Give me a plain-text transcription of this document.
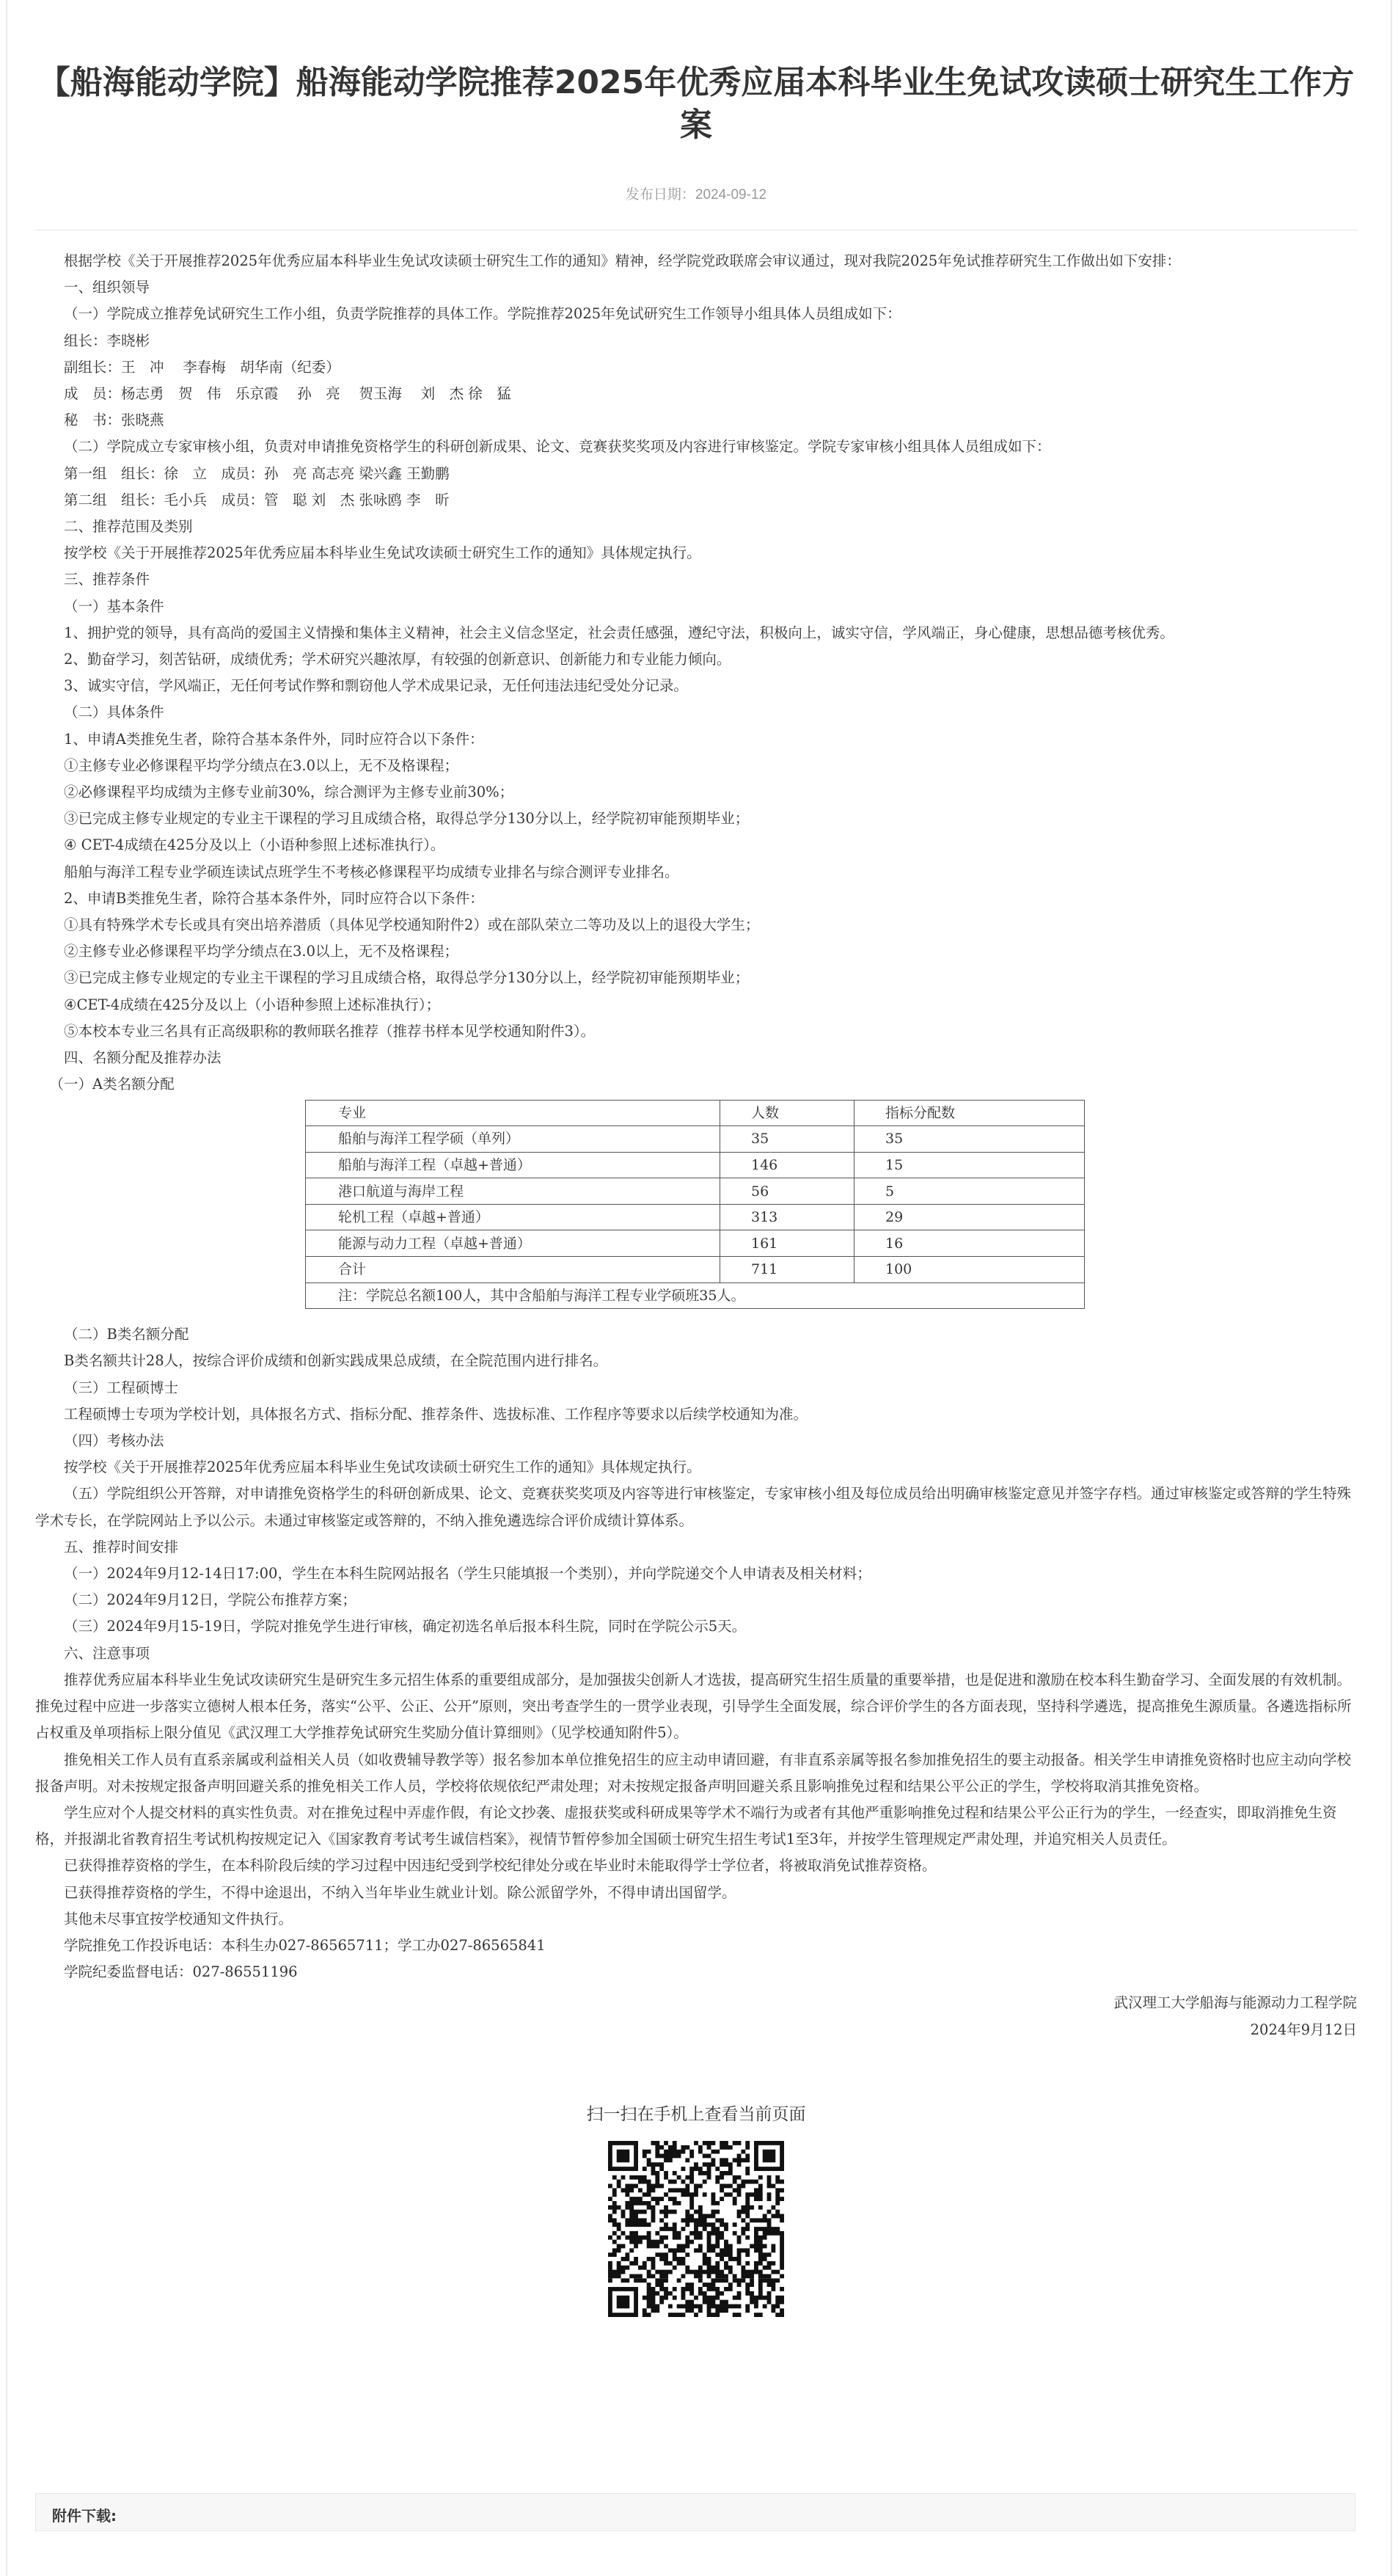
【船海能动学院】船海能动学院推荐2025年优秀应届本科毕业生免试攻读硕士研究生工作方案
发布日期：2024-09-12

根据学校《关于开展推荐2025年优秀应届本科毕业生免试攻读硕士研究生工作的通知》精神，经学院党政联席会审议通过，现对我院2025年免试推荐研究生工作做出如下安排：

一、组织领导

（一）学院成立推荐免试研究生工作小组，负责学院推荐的具体工作。学院推荐2025年免试研究生工作领导小组具体人员组成如下：

组长：李晓彬

副组长：王　冲　 李春梅　胡华南（纪委）

成　员：杨志勇　贺　伟　乐京霞　 孙　亮　 贺玉海　 刘　杰 徐　猛

秘　书：张晓燕

（二）学院成立专家审核小组，负责对申请推免资格学生的科研创新成果、论文、竞赛获奖奖项及内容进行审核鉴定。学院专家审核小组具体人员组成如下：

第一组　组长：徐　立　成员：孙　亮 高志亮 梁兴鑫 王勤鹏

第二组　组长：毛小兵　成员：管　聪 刘　杰 张咏鸥 李　昕

二、推荐范围及类别

按学校《关于开展推荐2025年优秀应届本科毕业生免试攻读硕士研究生工作的通知》具体规定执行。

三、推荐条件

（一）基本条件

1、拥护党的领导，具有高尚的爱国主义情操和集体主义精神，社会主义信念坚定，社会责任感强，遵纪守法，积极向上，诚实守信，学风端正，身心健康，思想品德考核优秀。

2、勤奋学习，刻苦钻研，成绩优秀；学术研究兴趣浓厚，有较强的创新意识、创新能力和专业能力倾向。

3、诚实守信，学风端正，无任何考试作弊和剽窃他人学术成果记录，无任何违法违纪受处分记录。

（二）具体条件

1、申请A类推免生者，除符合基本条件外，同时应符合以下条件：

①主修专业必修课程平均学分绩点在3.0以上，无不及格课程；

②必修课程平均成绩为主修专业前30%，综合测评为主修专业前30%；

③已完成主修专业规定的专业主干课程的学习且成绩合格，取得总学分130分以上，经学院初审能预期毕业；

④ CET-4成绩在425分及以上（小语种参照上述标准执行）。

船舶与海洋工程专业学硕连读试点班学生不考核必修课程平均成绩专业排名与综合测评专业排名。

2、申请B类推免生者，除符合基本条件外，同时应符合以下条件：

①具有特殊学术专长或具有突出培养潜质（具体见学校通知附件2）或在部队荣立二等功及以上的退役大学生；

②主修专业必修课程平均学分绩点在3.0以上，无不及格课程；

③已完成主修专业规定的专业主干课程的学习且成绩合格，取得总学分130分以上，经学院初审能预期毕业；

④CET-4成绩在425分及以上（小语种参照上述标准执行）；

⑤本校本专业三名具有正高级职称的教师联名推荐（推荐书样本见学校通知附件3）。

四、名额分配及推荐办法

（一）A类名额分配

专业	人数	指标分配数
船舶与海洋工程学硕（单列）	35	35
船舶与海洋工程（卓越+普通）	146	15
港口航道与海岸工程	56	5
轮机工程（卓越+普通）	313	29
能源与动力工程（卓越+普通）	161	16
合计	711	100
注：学院总名额100人，其中含船舶与海洋工程专业学硕班35人。		

（二）B类名额分配

B类名额共计28人，按综合评价成绩和创新实践成果总成绩，在全院范围内进行排名。

（三）工程硕博士

工程硕博士专项为学校计划，具体报名方式、指标分配、推荐条件、选拔标准、工作程序等要求以后续学校通知为准。

（四）考核办法

按学校《关于开展推荐2025年优秀应届本科毕业生免试攻读硕士研究生工作的通知》具体规定执行。

（五）学院组织公开答辩，对申请推免资格学生的科研创新成果、论文、竞赛获奖奖项及内容等进行审核鉴定，专家审核小组及每位成员给出明确审核鉴定意见并签字存档。通过审核鉴定或答辩的学生特殊学术专长，在学院网站上予以公示。未通过审核鉴定或答辩的，不纳入推免遴选综合评价成绩计算体系。

五、推荐时间安排

（一）2024年9月12-14日17:00，学生在本科生院网站报名（学生只能填报一个类别），并向学院递交个人申请表及相关材料；

（二）2024年9月12日，学院公布推荐方案；

（三）2024年9月15-19日，学院对推免学生进行审核，确定初选名单后报本科生院，同时在学院公示5天。

六、注意事项

推荐优秀应届本科毕业生免试攻读研究生是研究生多元招生体系的重要组成部分，是加强拔尖创新人才选拔，提高研究生招生质量的重要举措，也是促进和激励在校本科生勤奋学习、全面发展的有效机制。推免过程中应进一步落实立德树人根本任务，落实“公平、公正、公开”原则，突出考查学生的一贯学业表现，引导学生全面发展，综合评价学生的各方面表现，坚持科学遴选，提高推免生源质量。各遴选指标所占权重及单项指标上限分值见《武汉理工大学推荐免试研究生奖励分值计算细则》（见学校通知附件5）。

推免相关工作人员有直系亲属或利益相关人员（如收费辅导教学等）报名参加本单位推免招生的应主动申请回避，有非直系亲属等报名参加推免招生的要主动报备。相关学生申请推免资格时也应主动向学校报备声明。对未按规定报备声明回避关系的推免相关工作人员，学校将依规依纪严肃处理；对未按规定报备声明回避关系且影响推免过程和结果公平公正的学生，学校将取消其推免资格。

学生应对个人提交材料的真实性负责。对在推免过程中弄虚作假，有论文抄袭、虚报获奖或科研成果等学术不端行为或者有其他严重影响推免过程和结果公平公正行为的学生，一经查实，即取消推免生资格，并报湖北省教育招生考试机构按规定记入《国家教育考试考生诚信档案》，视情节暂停参加全国硕士研究生招生考试1至3年，并按学生管理规定严肃处理，并追究相关人员责任。

已获得推荐资格的学生，在本科阶段后续的学习过程中因违纪受到学校纪律处分或在毕业时未能取得学士学位者，将被取消免试推荐资格。

已获得推荐资格的学生，不得中途退出，不纳入当年毕业生就业计划。除公派留学外，不得申请出国留学。

其他未尽事宜按学校通知文件执行。

学院推免工作投诉电话：本科生办027-86565711；学工办027-86565841

学院纪委监督电话：027-86551196

武汉理工大学船海与能源动力工程学院

2024年9月12日

扫一扫在手机上查看当前页面
附件下载:
